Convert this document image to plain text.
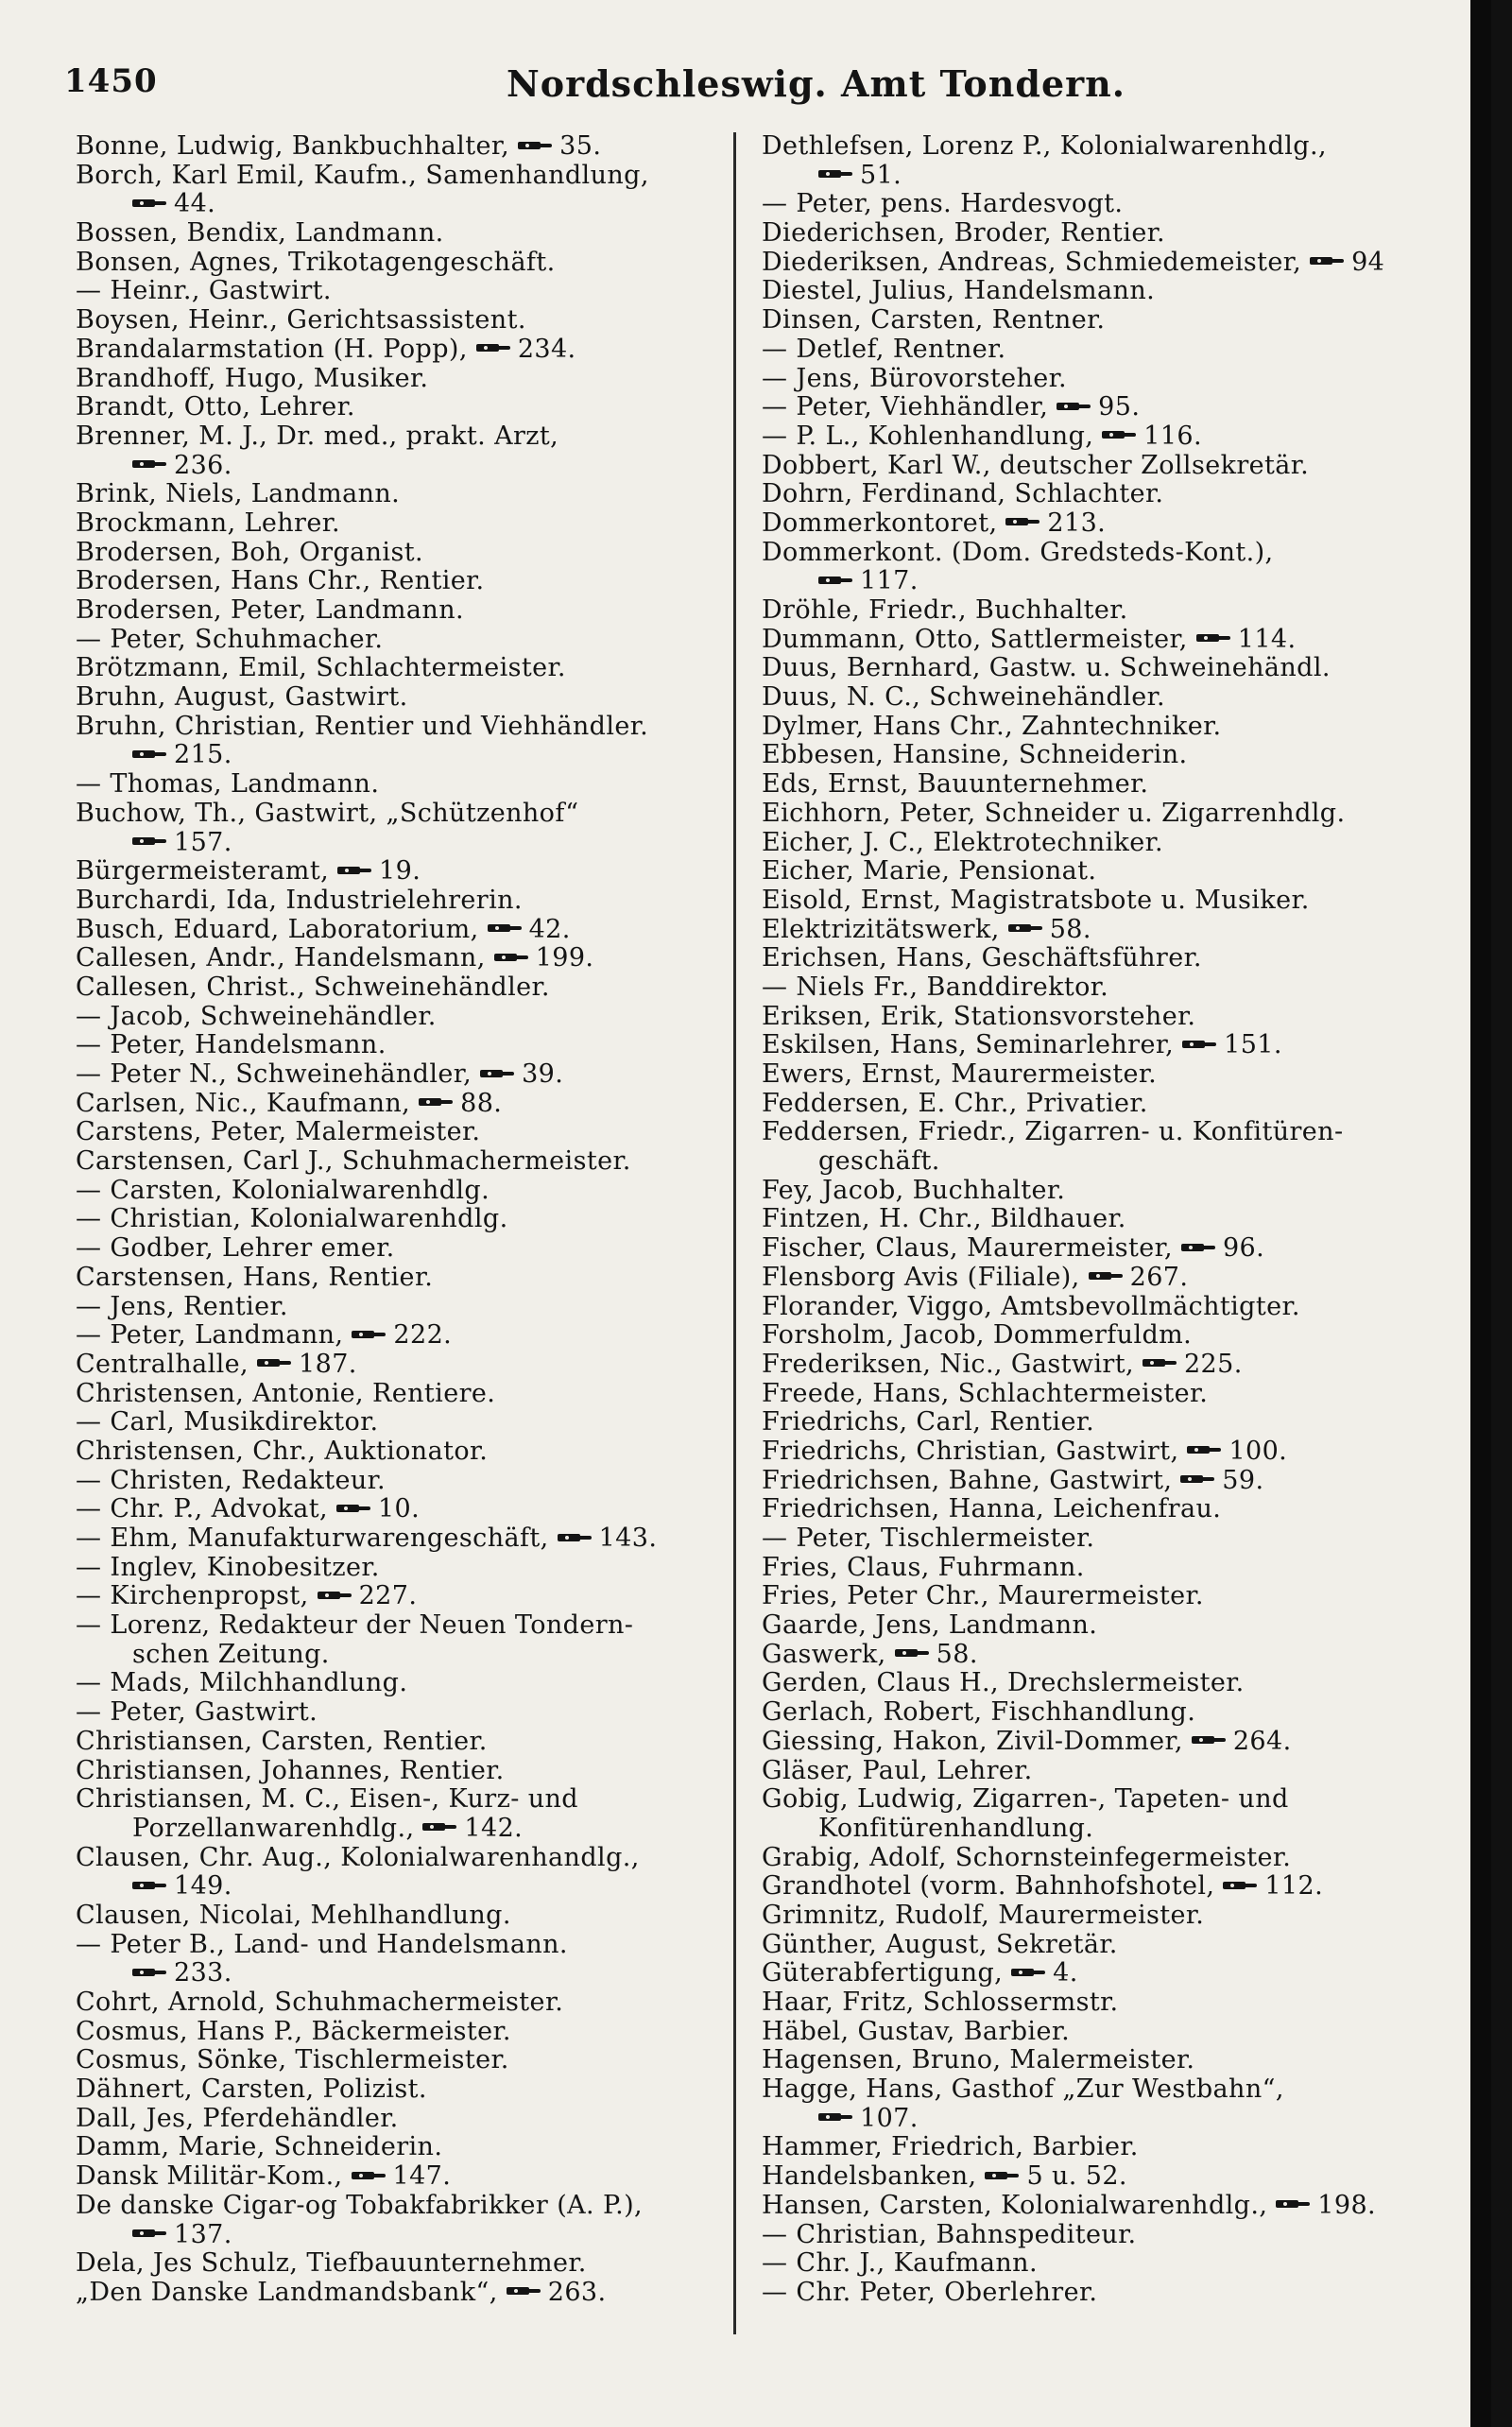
1450	Nordschleswig. Amt Tondern.
Bonne, Ludwig, Bankbuchhalter,
35.
Borch, Karl Emil, Kaufm., Samenhandlung,
44.
Bossen, Bendix, Landmann.
Bonsen, Agnes, Trikotagengeschäft.
— Heinr., Gastwirt.
Boysen, Heinr., Gerichtsassistent.
Brandalarmstation (H. Popp),
234.
Brandhoff, Hugo, Musiker.
Brandt, Otto, Lehrer.
Brenner, M. J., Dr. med., prakt. Arzt,
236.
Brink, Niels, Landmann.
Brockmann, Lehrer.
Brodersen, Boh, Organist.
Brodersen, Hans Chr., Rentier.
Brodersen, Peter, Landmann.
— Peter, Schuhmacher.
Brötzmann, Emil, Schlachtermeister.
Bruhn, August, Gastwirt.
Bruhn, Christian, Rentier und Viehhändler.
215.
— Thomas, Landmann.
Buchow, Th., Gastwirt, „Schützenhof“
157.
Bürgermeisteramt,
19.
Burchardi, Ida, Industrielehrerin.
Busch, Eduard, Laboratorium,
42.
Callesen, Andr., Handelsmann,
199.
Callesen, Christ., Schweinehändler.
— Jacob, Schweinehändler.
— Peter, Handelsmann.
— Peter N., Schweinehändler,
39.
Carlsen, Nic., Kaufmann,
88.
Carstens, Peter, Malermeister.
Carstensen, Carl J., Schuhmachermeister.
— Carsten, Kolonialwarenhdlg.
— Christian, Kolonialwarenhdlg.
— Godber, Lehrer emer.
Carstensen, Hans, Rentier.
— Jens, Rentier.
— Peter, Landmann,
222.
Centralhalle,
187.
Christensen, Antonie, Rentiere.
— Carl, Musikdirektor.
Christensen, Chr., Auktionator.
— Christen, Redakteur.
— Chr. P., Advokat,
10.
— Ehm, Manufakturwarengeschäft,
143.
— Inglev, Kinobesitzer.
— Kirchenpropst,
227.
— Lorenz, Redakteur der Neuen Tondern-
schen Zeitung.
— Mads, Milchhandlung.
— Peter, Gastwirt.
Christiansen, Carsten, Rentier.
Christiansen, Johannes, Rentier.
Christiansen, M. C., Eisen-, Kurz- und
Porzellanwarenhdlg.,
142.
Clausen, Chr. Aug., Kolonialwarenhandlg.,
149.
Clausen, Nicolai, Mehlhandlung.
— Peter B., Land- und Handelsmann.
233.
Cohrt, Arnold, Schuhmachermeister.
Cosmus, Hans P., Bäckermeister.
Cosmus, Sönke, Tischlermeister.
Dähnert, Carsten, Polizist.
Dall, Jes, Pferdehändler.
Damm, Marie, Schneiderin.
Dansk Militär-Kom.,
147.
De danske Cigar-og Tobakfabrikker (A. P.),
137.
Dela, Jes Schulz, Tiefbauunternehmer.
„Den Danske Landmandsbank“,
263.
Dethlefsen, Lorenz P., Kolonialwarenhdlg.,
51.
— Peter, pens. Hardesvogt.
Diederichsen, Broder, Rentier.
Diederiksen, Andreas, Schmiedemeister,
94
Diestel, Julius, Handelsmann.
Dinsen, Carsten, Rentner.
— Detlef, Rentner.
— Jens, Bürovorsteher.
— Peter, Viehhändler,
95.
— P. L., Kohlenhandlung,
116.
Dobbert, Karl W., deutscher Zollsekretär.
Dohrn, Ferdinand, Schlachter.
Dommerkontoret,
213.
Dommerkont. (Dom. Gredsteds-Kont.),
117.
Dröhle, Friedr., Buchhalter.
Dummann, Otto, Sattlermeister,
114.
Duus, Bernhard, Gastw. u. Schweinehändl.
Duus, N. C., Schweinehändler.
Dylmer, Hans Chr., Zahntechniker.
Ebbesen, Hansine, Schneiderin.
Eds, Ernst, Bauunternehmer.
Eichhorn, Peter, Schneider u. Zigarrenhdlg.
Eicher, J. C., Elektrotechniker.
Eicher, Marie, Pensionat.
Eisold, Ernst, Magistratsbote u. Musiker.
Elektrizitätswerk,
58.
Erichsen, Hans, Geschäftsführer.
— Niels Fr., Banddirektor.
Eriksen, Erik, Stationsvorsteher.
Eskilsen, Hans, Seminarlehrer,
151.
Ewers, Ernst, Maurermeister.
Feddersen, E. Chr., Privatier.
Feddersen, Friedr., Zigarren- u. Konfitüren-
geschäft.
Fey, Jacob, Buchhalter.
Fintzen, H. Chr., Bildhauer.
Fischer, Claus, Maurermeister,
96.
Flensborg Avis (Filiale),
267.
Florander, Viggo, Amtsbevollmächtigter.
Forsholm, Jacob, Dommerfuldm.
Frederiksen, Nic., Gastwirt,
225.
Freede, Hans, Schlachtermeister.
Friedrichs, Carl, Rentier.
Friedrichs, Christian, Gastwirt,
100.
Friedrichsen, Bahne, Gastwirt,
59.
Friedrichsen, Hanna, Leichenfrau.
— Peter, Tischlermeister.
Fries, Claus, Fuhrmann.
Fries, Peter Chr., Maurermeister.
Gaarde, Jens, Landmann.
Gaswerk,
58.
Gerden, Claus H., Drechslermeister.
Gerlach, Robert, Fischhandlung.
Giessing, Hakon, Zivil-Dommer,
264.
Gläser, Paul, Lehrer.
Gobig, Ludwig, Zigarren-, Tapeten- und
Konfitürenhandlung.
Grabig, Adolf, Schornsteinfegermeister.
Grandhotel (vorm. Bahnhofshotel,
112.
Grimnitz, Rudolf, Maurermeister.
Günther, August, Sekretär.
Güterabfertigung,
4.
Haar, Fritz, Schlossermstr.
Häbel, Gustav, Barbier.
Hagensen, Bruno, Malermeister.
Hagge, Hans, Gasthof „Zur Westbahn“,
107.
Hammer, Friedrich, Barbier.
Handelsbanken,
5 u. 52.
Hansen, Carsten, Kolonialwarenhdlg.,
198.
— Christian, Bahnspediteur.
— Chr. J., Kaufmann.
— Chr. Peter, Oberlehrer.
